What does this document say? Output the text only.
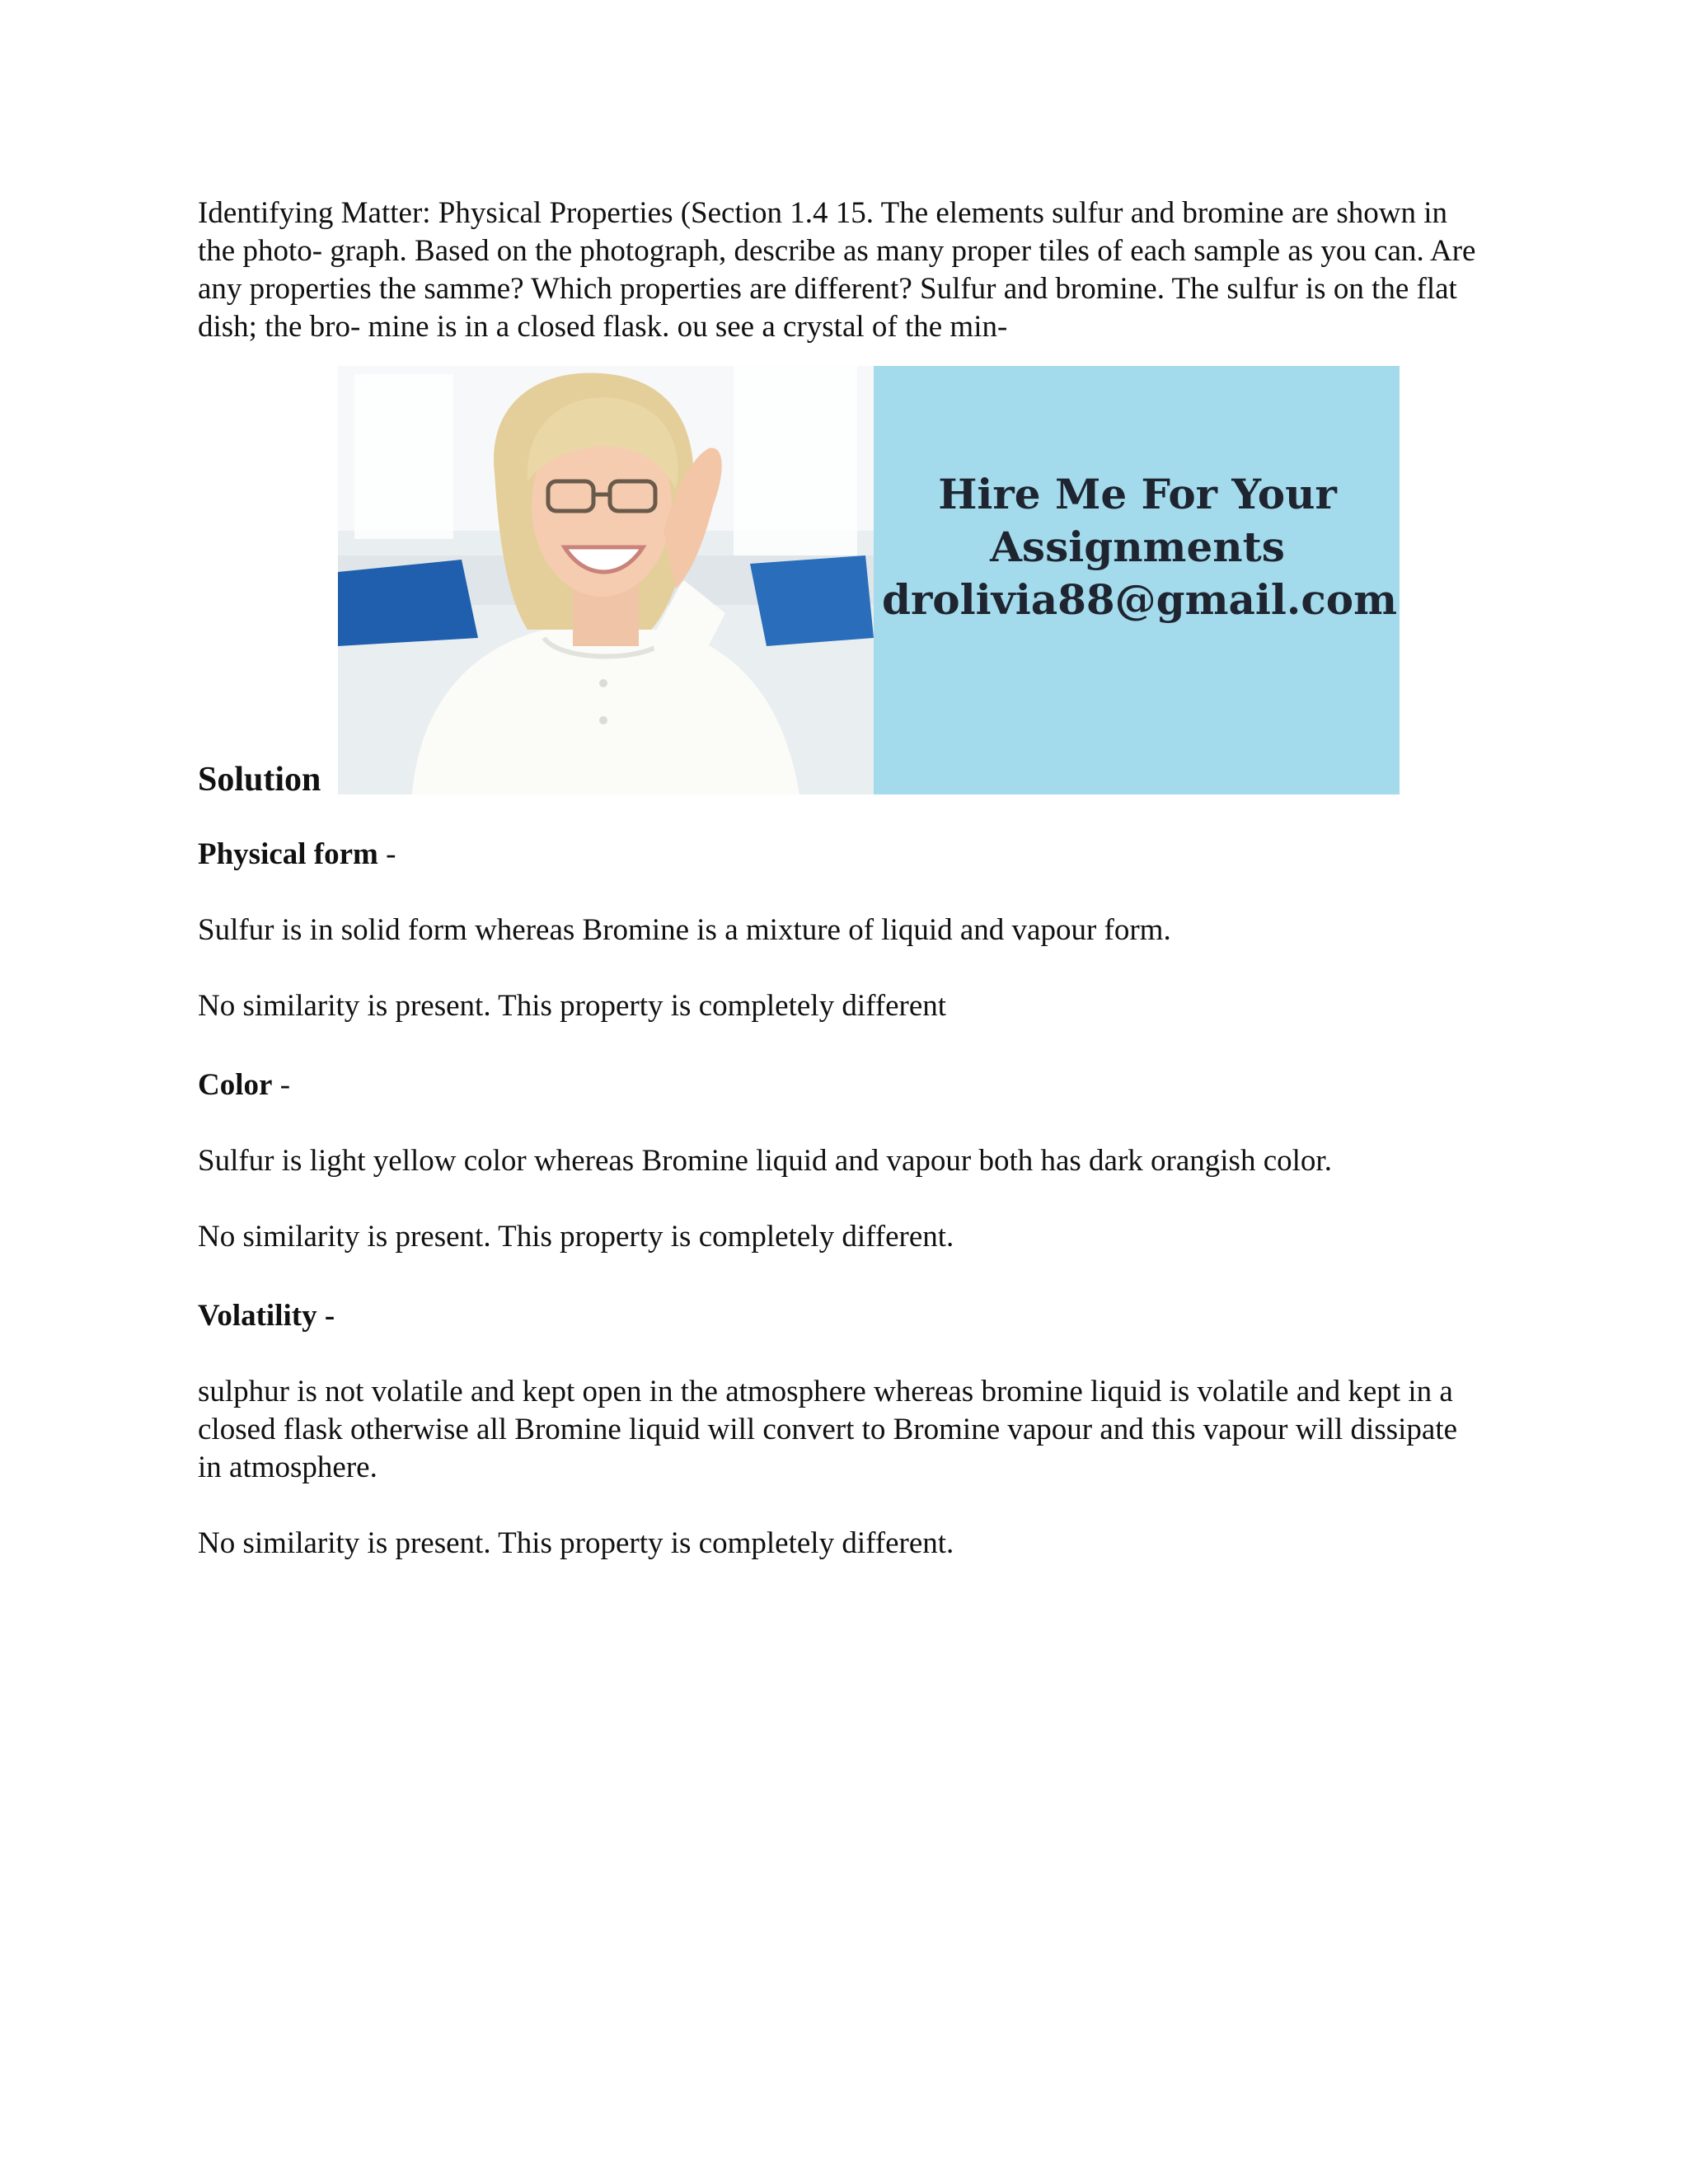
Identifying Matter: Physical Properties (Section 1.4 15. The elements sulfur and bromine are shown in the photo- graph. Based on the photograph, describe as many proper tiles of each sample as you can. Are any properties the samme? Which properties are different? Sulfur and bromine. The sulfur is on the flat dish; the bro- mine is in a closed flask. ou see a crystal of the min-

Solution
Hire Me For Your
Assignments
drolivia88@gmail.com

Physical form -

Sulfur is in solid form whereas Bromine is a mixture of liquid and vapour form.

No similarity is present. This property is completely different

Color -

Sulfur is light yellow color whereas Bromine liquid and vapour both has dark orangish color.

No similarity is present. This property is completely different.

Volatility -

sulphur is not volatile and kept open in the atmosphere whereas bromine liquid is volatile and kept in a closed flask otherwise all Bromine liquid will convert to Bromine vapour and this vapour will dissipate in atmosphere.

No similarity is present. This property is completely different.
